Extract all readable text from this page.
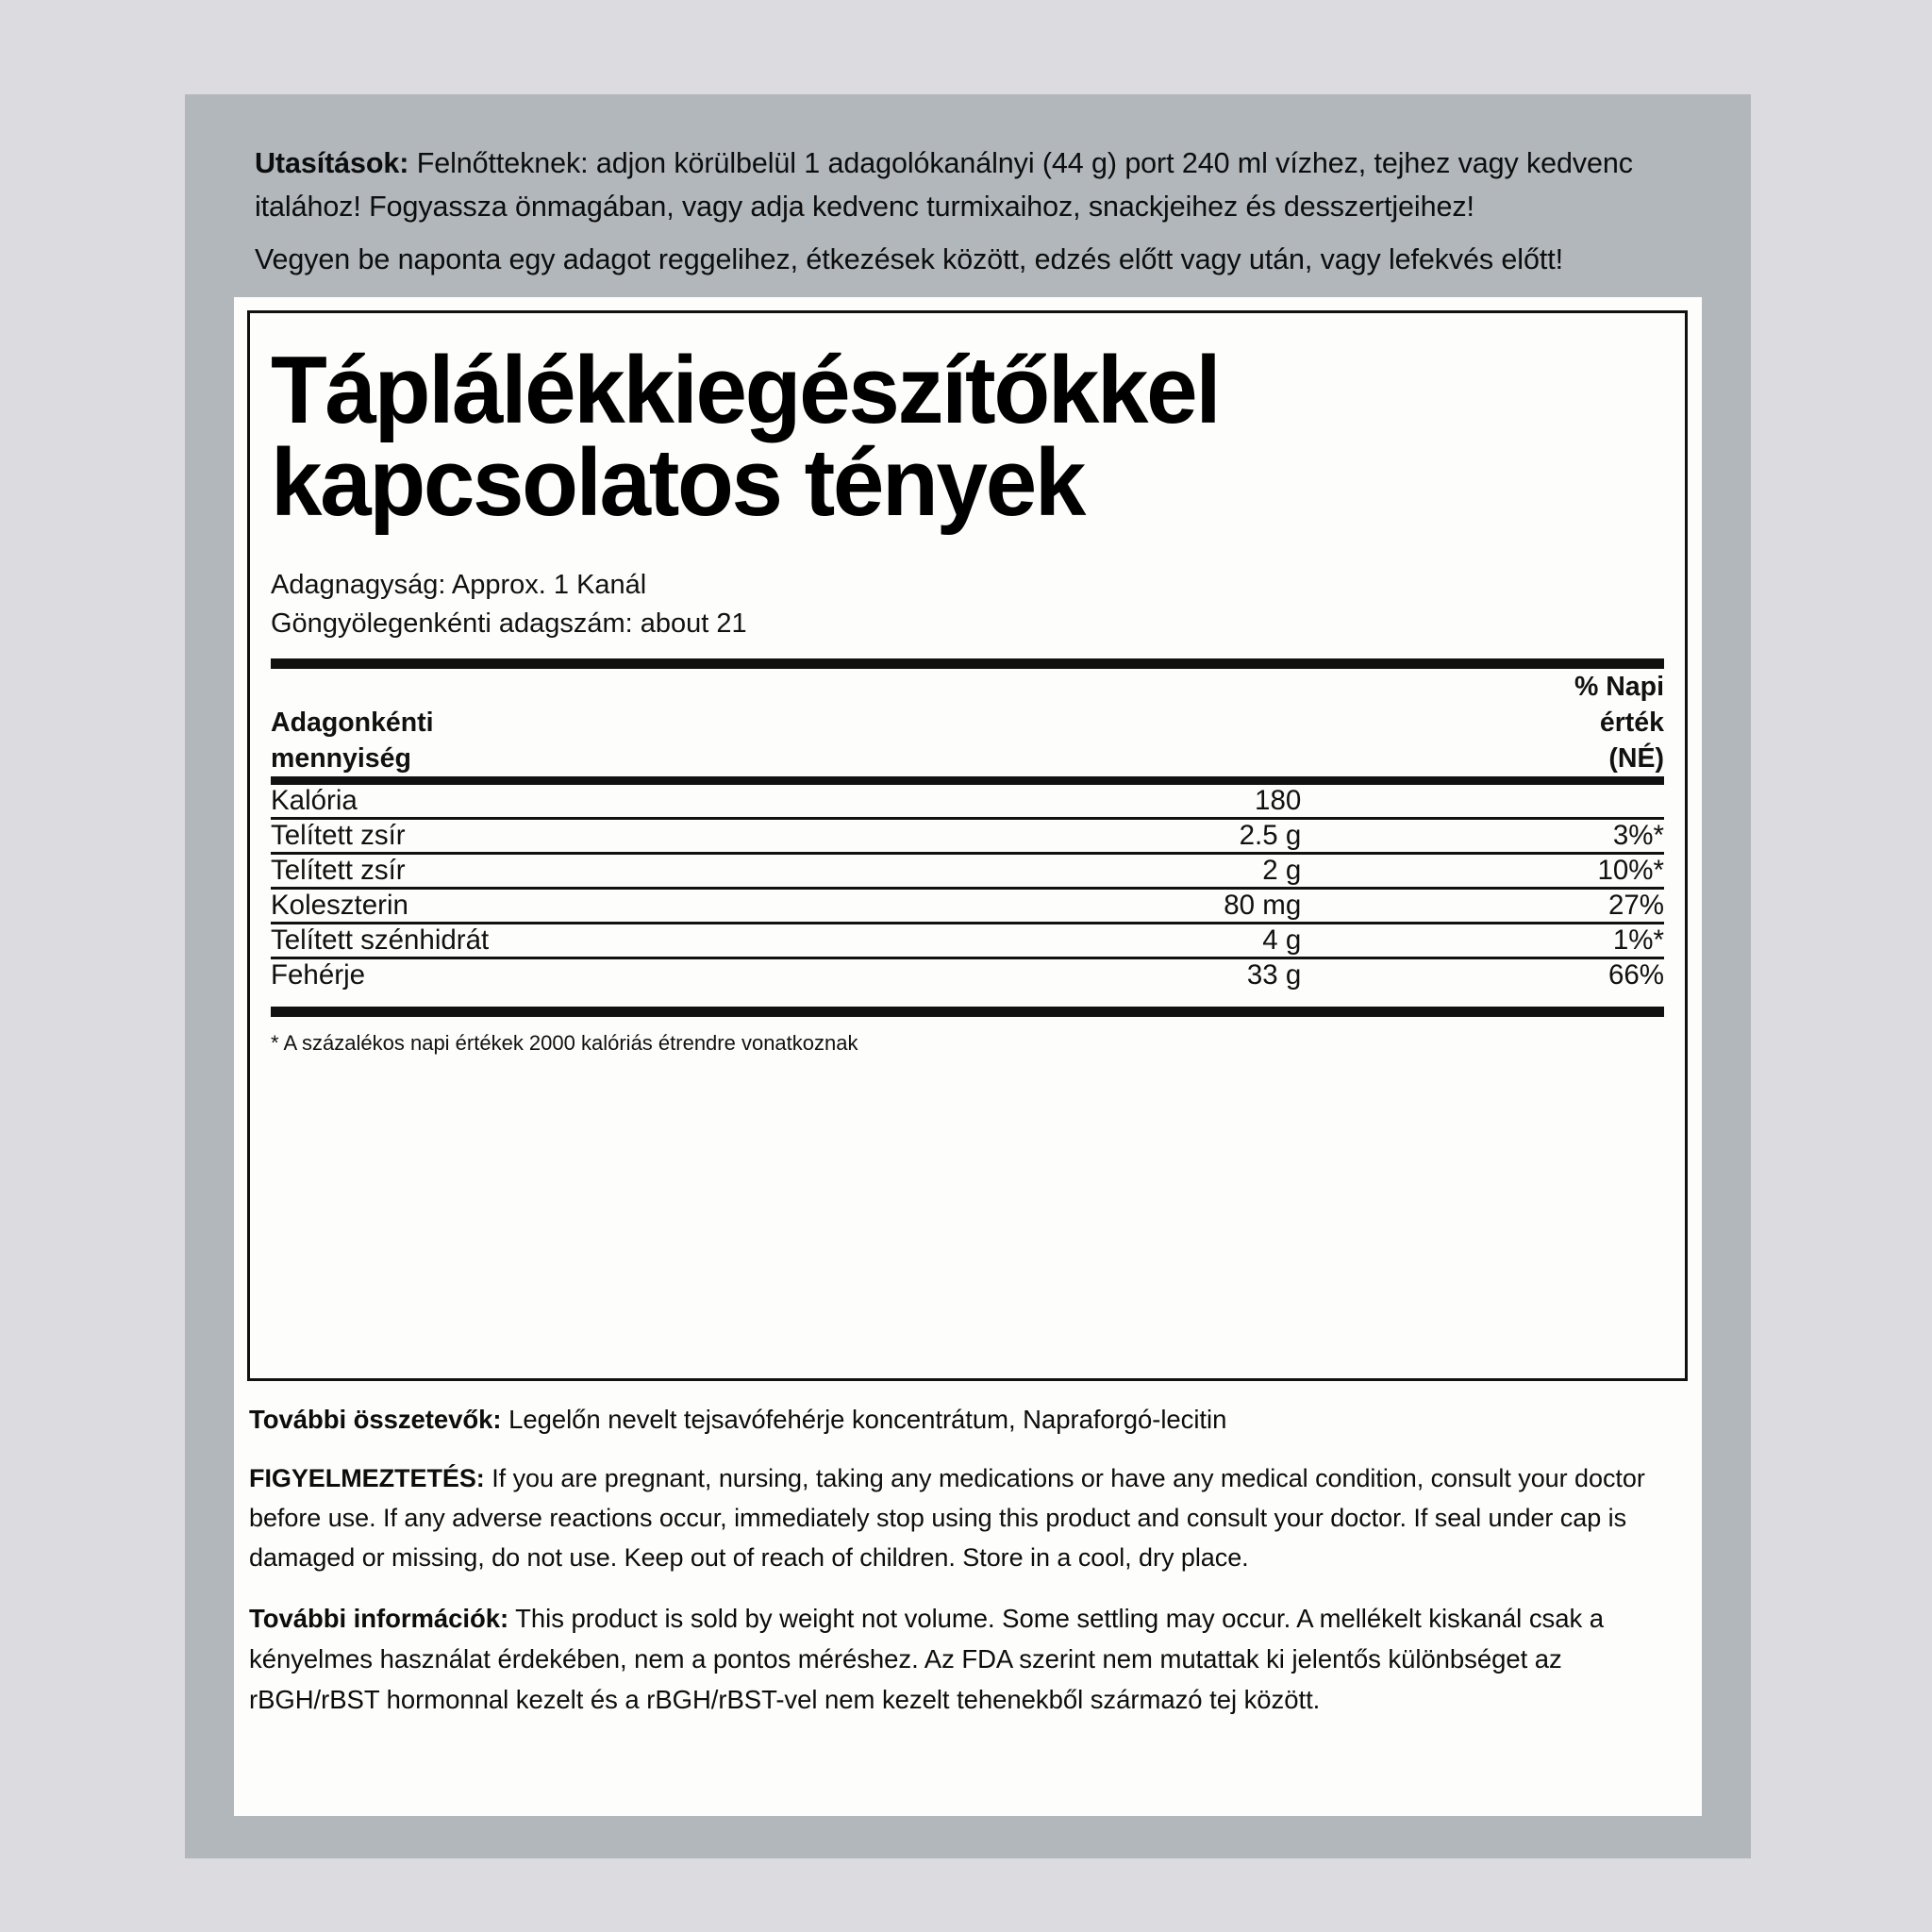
Utasítások: Felnőtteknek: adjon körülbelül 1 adagolókanálnyi (44 g) port 240 ml vízhez, tejhez vagy kedvenc italához! Fogyassza önmagában, vagy adja kedvenc turmixaihoz, snackjeihez és desszertjeihez!

Vegyen be naponta egy adagot reggelihez, étkezések között, edzés előtt vagy után, vagy lefekvés előtt!

Táplálékkiegészítőkkel
kapcsolatos tények
Adagnagyság: Approx. 1 Kanál
Göngyölegenkénti adagszám: about 21
Adagonkénti
mennyiség

% Napi
érték
(NÉ)

Kalória	180	

Telített zsír	2.5 g	3%*

Telített zsír	2 g	10%*

Koleszterin	80 mg	27%

Telített szénhidrát	4 g	1%*

Fehérje	33 g	66%
* A százalékos napi értékek 2000 kalóriás étrendre vonatkoznak

További összetevők: Legelőn nevelt tejsavófehérje koncentrátum, Napraforgó-lecitin

FIGYELMEZTETÉS: If you are pregnant, nursing, taking any medications or have any medical condition, consult your doctor before use. If any adverse reactions occur, immediately stop using this product and consult your doctor. If seal under cap is damaged or missing, do not use. Keep out of reach of children. Store in a cool, dry place.

További információk: This product is sold by weight not volume. Some settling may occur. A mellékelt kiskanál csak a kényelmes használat érdekében, nem a pontos méréshez. Az FDA szerint nem mutattak ki jelentős különbséget az rBGH/rBST hormonnal kezelt és a rBGH/rBST-vel nem kezelt tehenekből származó tej között.
